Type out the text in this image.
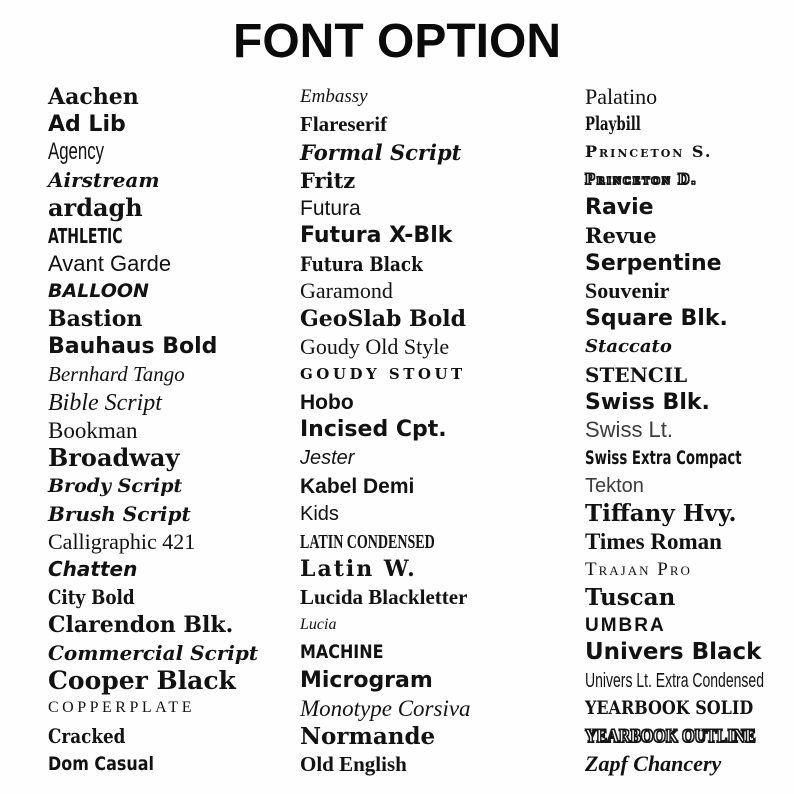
FONT OPTION
Aachen
Ad Lib
Agency
Airstream
ardagh
ATHLETIC
Avant Garde
BALLOON
Bastion
Bauhaus Bold
Bernhard Tango
Bible Script
Bookman
Broadway
Brody Script
Brush Script
Calligraphic 421
Chatten
City Bold
Clarendon Blk.
Commercial Script
Cooper Black
COPPERPLATE
Cracked
Dom Casual
Embassy
Flareserif
Formal Script
Fritz
Futura
Futura X-Blk
Futura Black
Garamond
GeoSlab Bold
Goudy Old Style
GOUDY STOUT
Hobo
Incised Cpt.
Jester
Kabel Demi
Kids
LATIN CONDENSED
Latin W.
Lucida Blackletter
Lucia
MACHINE
Microgram
Monotype Corsiva
Normande
Old English
Palatino
Playbill
Princeton S.
Princeton D.
Ravie
Revue
Serpentine
Souvenir
Square Blk.
Staccato
STENCIL
Swiss Blk.
Swiss Lt.
Swiss Extra Compact
Tekton
Tiffany Hvy.
Times Roman
Trajan Pro
Tuscan
UMBRA
Univers Black
Univers Lt. Extra Condensed
YEARBOOK SOLID
YEARBOOK OUTLINE
Zapf Chancery
